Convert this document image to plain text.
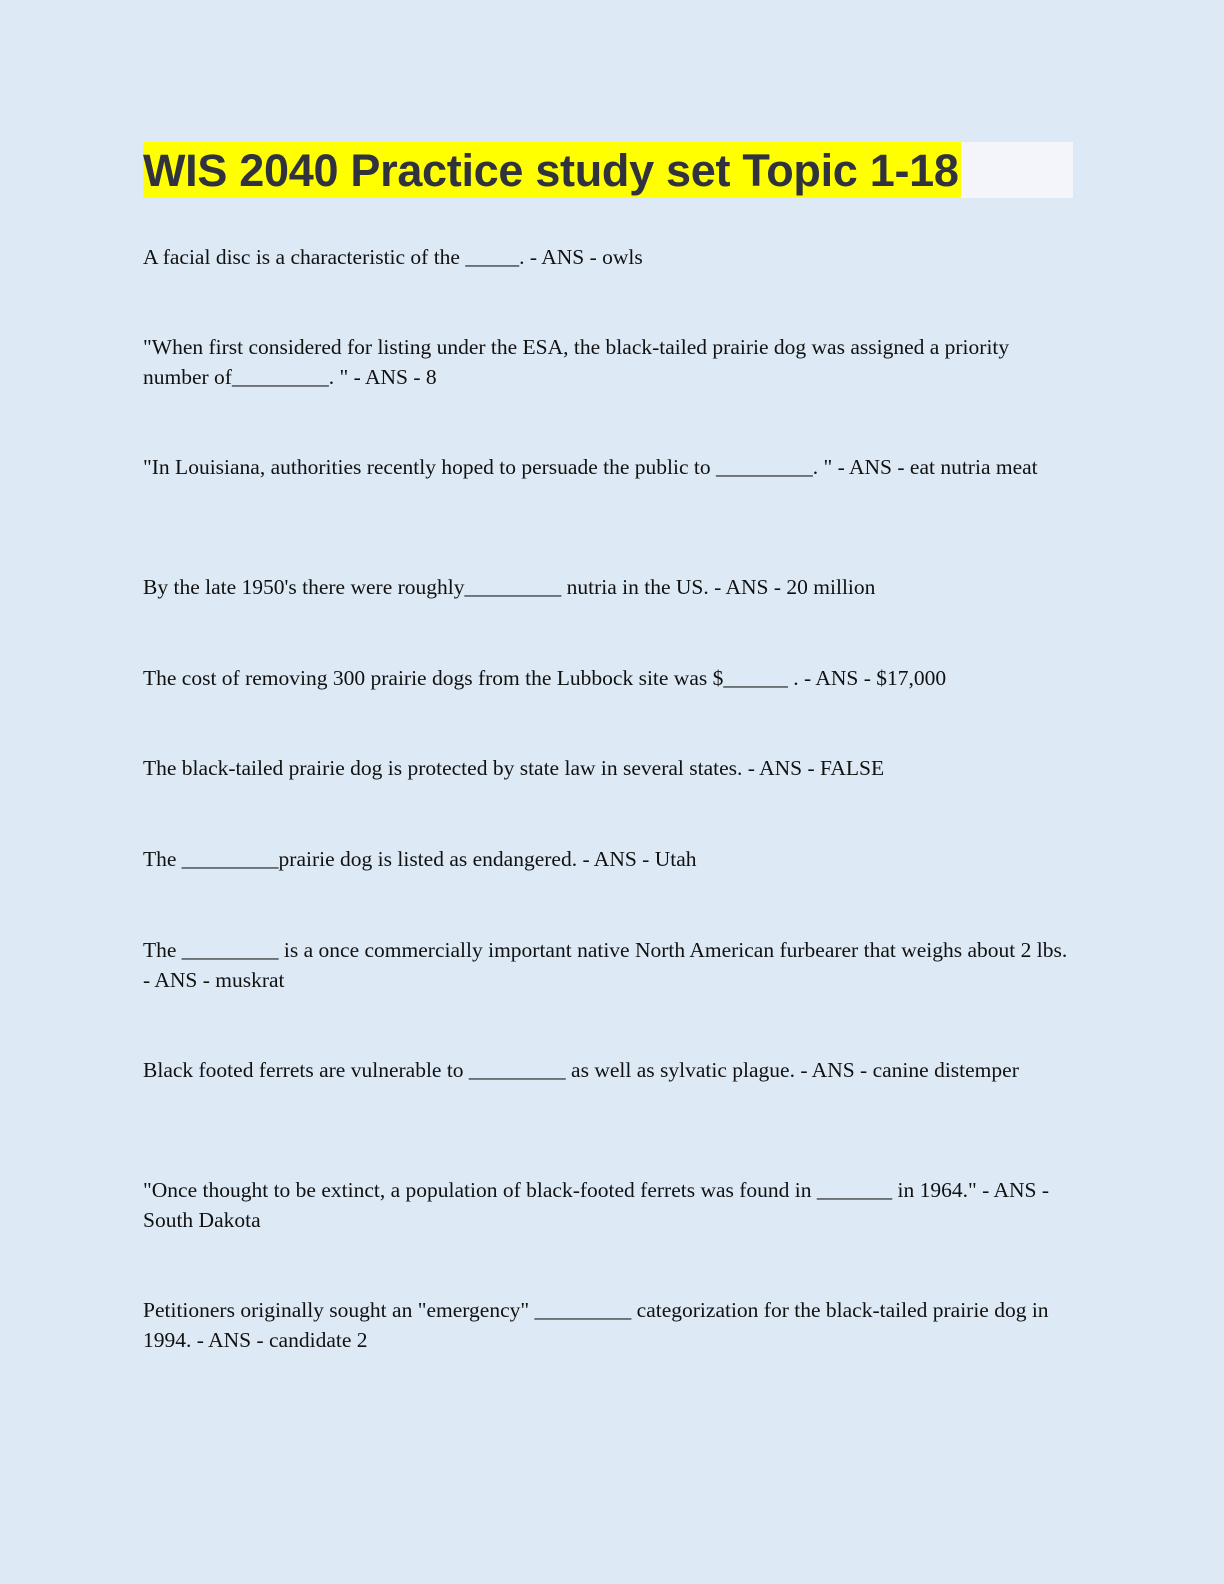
WIS 2040 Practice study set Topic 1-18
A facial disc is a characteristic of the _____. - ANS - owls
"When first considered for listing under the ESA, the black-tailed prairie dog was assigned a priority number of_________. " - ANS - 8
"In Louisiana, authorities recently hoped to persuade the public to _________. " - ANS - eat nutria meat
By the late 1950's there were roughly_________ nutria in the US. - ANS - 20 million
The cost of removing 300 prairie dogs from the Lubbock site was $______ . - ANS - $17,000
The black-tailed prairie dog is protected by state law in several states. - ANS - FALSE
The _________prairie dog is listed as endangered. - ANS - Utah
The _________ is a once commercially important native North American furbearer that weighs about 2 lbs. - ANS - muskrat
Black footed ferrets are vulnerable to _________ as well as sylvatic plague. - ANS - canine distemper
"Once thought to be extinct, a population of black-footed ferrets was found in _______ in 1964." - ANS - South Dakota
Petitioners originally sought an "emergency" _________ categorization for the black-tailed prairie dog in 1994. - ANS - candidate 2
